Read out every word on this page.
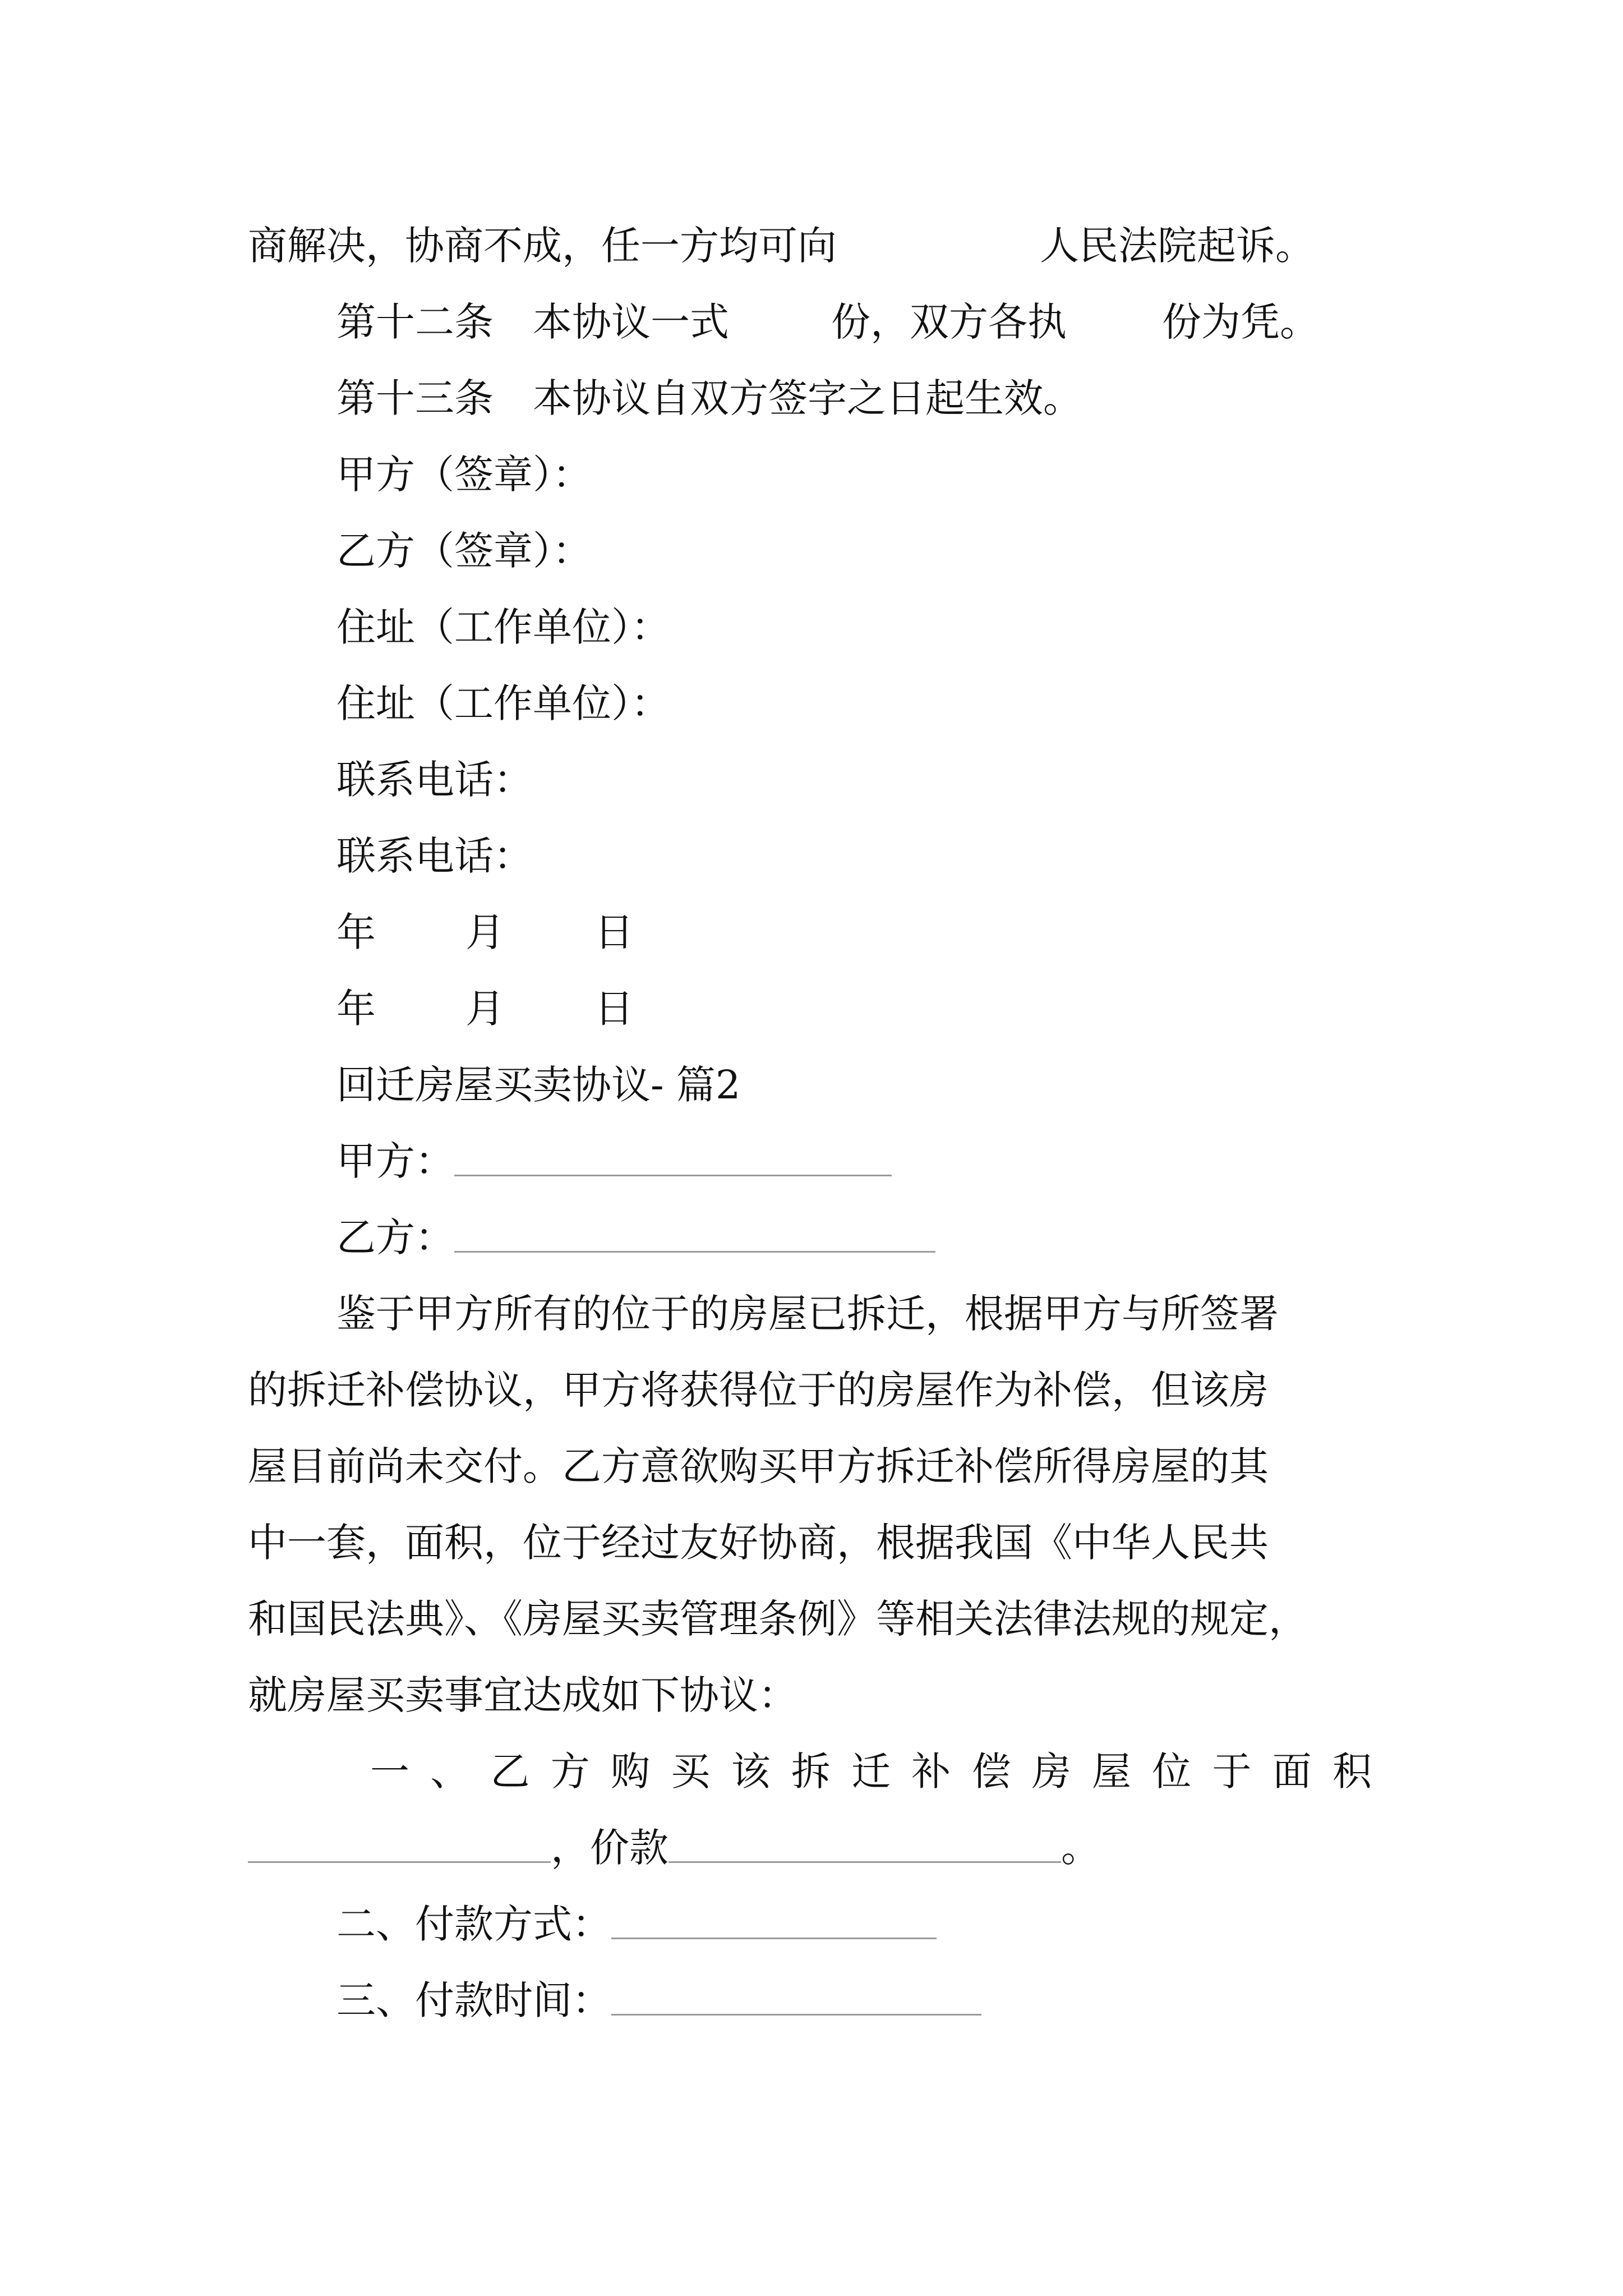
商解决，协商不成，任一方均可向	人民法院起诉。
第十二条　本协议一式	份，双方各执 份为凭。
第十三条　本协议自双方签字之日起生效。
甲方（签章）：
乙方（签章）：
住址（工作单位）：
住址（工作单位）：
联系电话：
联系电话：
年 月 日
年 月 日
回迁房屋买卖协议- 篇2
甲方：
乙方：
鉴于甲方所有的位于的房屋已拆迁，根据甲方与所签署
的拆迁补偿协议，甲方将获得位于的房屋作为补偿，但该房
屋目前尚未交付。乙方意欲购买甲方拆迁补偿所得房屋的其
中一套，面积，位于经过友好协商，根据我国《中华人民共
和国民法典》、《房屋买卖管理条例》等相关法律法规的规定，
就房屋买卖事宜达成如下协议：
一 、 乙 方 购 买 该 拆 迁 补 偿 房 屋 位 于 面 积
，价款	。
二、付款方式：
三、付款时间：
